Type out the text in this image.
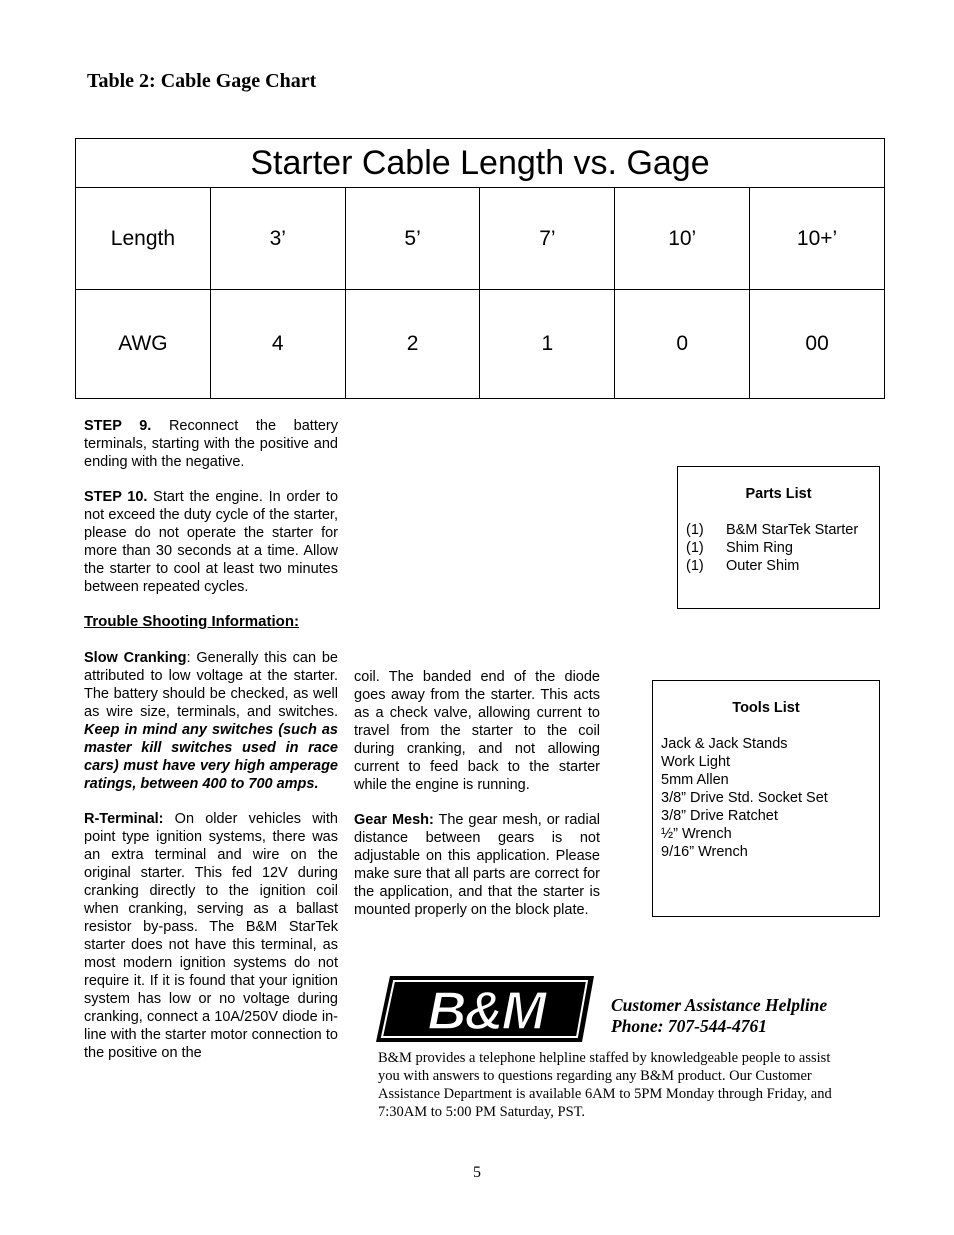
Table 2: Cable Gage Chart
Starter Cable Length vs. Gage					
Length	3’	5’	7’	10’	10+’
AWG	4	2	1	0	00

STEP 9. Reconnect the battery terminals, starting with the positive and ending with the negative.

STEP 10. Start the engine. In order to not exceed the duty cycle of the starter, please do not operate the starter for more than 30 seconds at a time. Allow the starter to cool at least two minutes between repeated cycles.

Trouble Shooting Information:

Slow Cranking: Generally this can be attributed to low voltage at the starter. The battery should be checked, as well as wire size, terminals, and switches. Keep in mind any switches (such as master kill switches used in race cars) must have very high amperage ratings, between 400 to 700 amps.

R-Terminal: On older vehicles with point type ignition systems, there was an extra terminal and wire on the original starter. This fed 12V during cranking directly to the ignition coil when cranking, serving as a ballast resistor by-pass. The B&M StarTek starter does not have this terminal, as most modern ignition systems do not require it. If it is found that your ignition system has low or no voltage during cranking, connect a 10A/250V diode in-line with the starter motor connection to the positive on the

coil. The banded end of the diode goes away from the starter. This acts as a check valve, allowing current to travel from the starter to the coil during cranking, and not allowing current to feed back to the starter while the engine is running.

Gear Mesh: The gear mesh, or radial distance between gears is not adjustable on this application. Please make sure that all parts are correct for the application, and that the starter is mounted properly on the block plate.

Parts List
(1)	B&M StarTek Starter
(1)	Shim Ring
(1)	Outer Shim
Tools List
Jack & Jack Stands
Work Light
5mm Allen
3/8” Drive Std. Socket Set
3/8” Drive Ratchet
½” Wrench
9/16” Wrench
B&M	Customer Assistance Helpline
Phone: 707-544-4761
B&M provides a telephone helpline staffed by knowledgeable people to assist you with answers to questions regarding any B&M product. Our Customer Assistance Department is available 6AM to 5PM Monday through Friday, and 7:30AM to 5:00 PM Saturday, PST.
5
